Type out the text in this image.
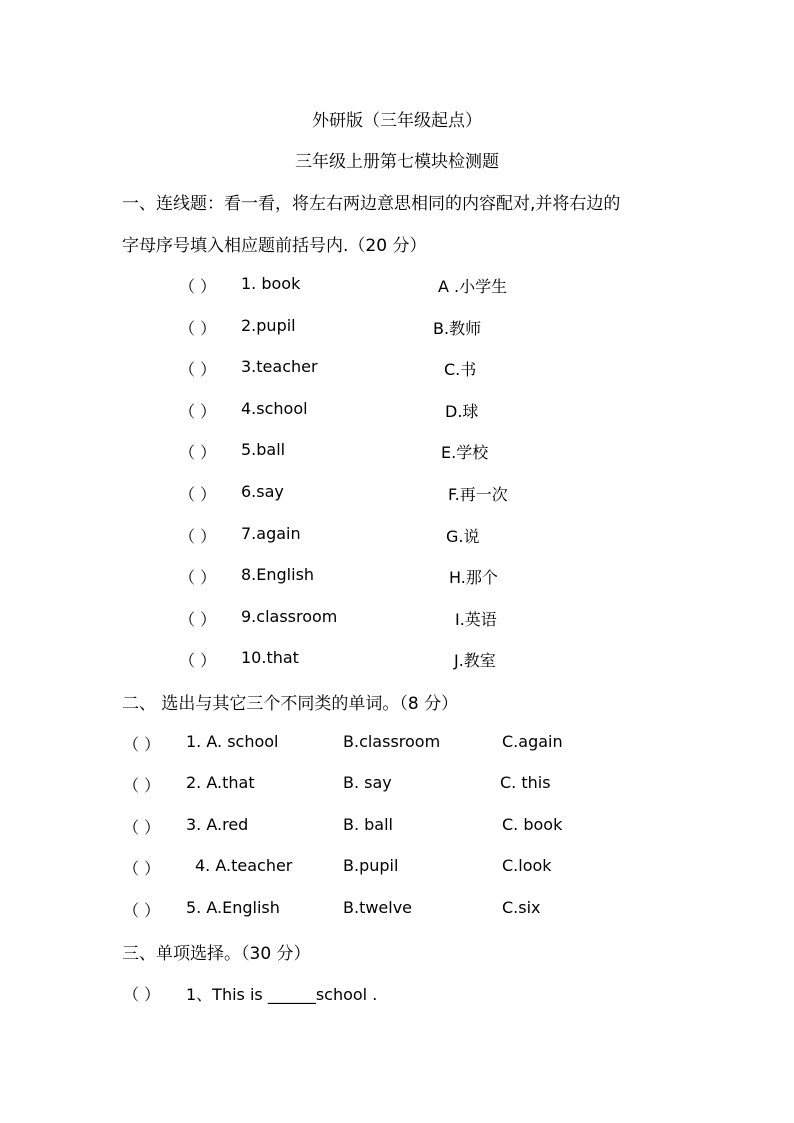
外研版（三年级起点）
三年级上册第七模块检测题
一、连线题：看一看，将左右两边意思相同的内容配对,并将右边的
字母序号填入相应题前括号内.（20 分）
（ ） 1. book	A .小学生
（ ） 2.pupil	B.教师
（ ） 3.teacher	C.书
（ ） 4.school	D.球
（ ） 5.ball	E.学校
（ ） 6.say	F.再一次
（ ） 7.again	G.说
（ ） 8.English	H.那个
（ ） 9.classroom	I.英语
（ ） 10.that	J.教室
二、 选出与其它三个不同类的单词。（8 分）
（ ） 1. A. school	B.classroom	C.again
（ ） 2. A.that	B. say	C. this
（ ） 3. A.red	B. ball	C. book
（ ） 4. A.teacher	B.pupil	C.look
（ ） 5. A.English	B.twelve	C.six
三、单项选择。（30 分）
（ ） 1、This is ______school .
